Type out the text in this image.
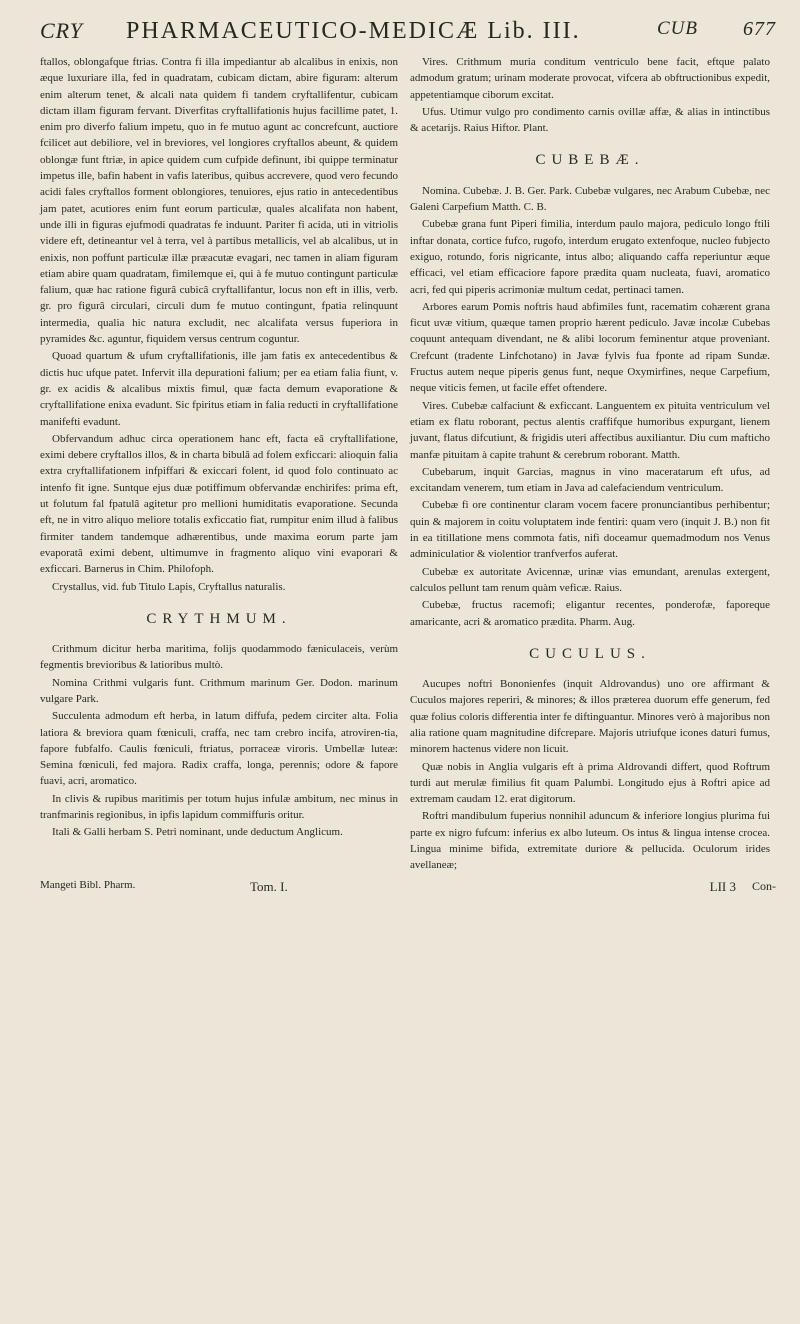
CRY PHARMACEUTICO-MEDICÆ Lib. III.	CUB 677

ftallos, oblongafque ftrias. Contra fi illa impediantur ab alcalibus in enixis, non æque luxuriare illa, fed in quadratam, cubicam dictam, abire figuram: alterum enim alterum tenet, & alcali nata quidem fi tandem cryftallifentur, cubicam dictam illam figuram fervant. Diverfitas cryftallifationis hujus facillime patet, 1. enim pro diverfo falium impetu, quo in fe mutuo agunt ac concrefcunt, auctiore fcilicet aut debiliore, vel in breviores, vel longiores cryftallos abeunt, & quidem oblongæ funt ftriæ, in apice quidem cum cufpide definunt, ibi quippe terminatur impetus ille, bafin habent in vafis lateribus, quibus accrevere, quod vero fecundo acidi fales cryftallos forment oblongiores, tenuiores, ejus ratio in antecedentibus jam patet, acutiores enim funt eorum particulæ, quales alcalifata non habent, unde illi in figuras ejufmodi quadratas fe induunt. Pariter fi acida, uti in vitriolis videre eft, detineantur vel à terra, vel à partibus metallicis, vel ab alcalibus, ut in enixis, non poffunt particulæ illæ præacutæ evagari, nec tamen in aliam figuram etiam abire quam quadratam, fimilemque ei, qui à fe mutuo contingunt particulæ falium, quæ hac ratione figurâ cubicâ cryftallifantur, locus non eft in illis, verb. gr. pro figurâ circulari, circuli dum fe mutuo contingunt, fpatia relinquunt intermedia, qualia hic natura excludit, nec alcalifata versus fuperiora in pyramides &c. aguntur, fiquidem versus centrum coguntur.

Quoad quartum & ufum cryftallifationis, ille jam fatis ex antecedentibus & dictis huc ufque patet. Infervit illa depurationi falium; per ea etiam falia fiunt, v. gr. ex acidis & alcalibus mixtis fimul, quæ facta demum evaporatione & cryftallifatione enixa evadunt. Sic fpiritus etiam in falia reducti in cryftallifatione manifefti evadunt.

Obfervandum adhuc circa operationem hanc eft, facta eâ cryftallifatione, eximi debere cryftallos illos, & in charta bibulâ ad folem exficcari: alioquin falia extra cryftallifationem infpiffari & exiccari folent, id quod folo continuato ac intenfo fit igne. Suntque ejus duæ potiffimum obfervandæ enchirifes: prima eft, ut folutum fal fpatulâ agitetur pro mellioni humiditatis evaporatione. Secunda eft, ne in vitro aliquo meliore totalis exficcatio fiat, rumpitur enim illud à falibus firmiter tandem tandemque adhærentibus, unde maxima eorum parte jam evaporatâ eximi debent, ultimumve in fragmento aliquo vini evaporari & exficcari. Barnerus in Chim. Philofoph.

Crystallus, vid. fub Titulo Lapis, Cryftallus naturalis.

CRYTHMUM.

Crithmum dicitur herba maritima, folijs quodammodo fæniculaceis, verùm fegmentis brevioribus & latioribus multò.

Nomina Crithmi vulgaris funt. Crithmum marinum Ger. Dodon. marinum vulgare Park.

Succulenta admodum eft herba, in latum diffufa, pedem circiter alta. Folia latiora & breviora quam fœniculi, craffa, nec tam crebro incifa, atroviren-tia, fapore fubfalfo. Caulis fœniculi, ftriatus, porraceæ viroris. Umbellæ luteæ: Semina fœniculi, fed majora. Radix craffa, longa, perennis; odore & fapore fuavi, acri, aromatico.

In clivis & rupibus maritimis per totum hujus infulæ ambitum, nec minus in tranfmarinis regionibus, in ipfis lapidum commiffuris oritur.

Itali & Galli herbam S. Petri nominant, unde deductum Anglicum.

Vires. Crithmum muria conditum ventriculo bene facit, eftque palato admodum gratum; urinam moderate provocat, vifcera ab obftructionibus expedit, appetentiamque ciborum excitat.

Ufus. Utimur vulgo pro condimento carnis ovillæ affæ, & alias in intinctibus & acetarijs. Raius Hiftor. Plant.

CUBEBÆ.

Nomina. Cubebæ. J. B. Ger. Park. Cubebæ vulgares, nec Arabum Cubebæ, nec Galeni Carpefium Matth. C. B.

Cubebæ grana funt Piperi fimilia, interdum paulo majora, pediculo longo ftili inftar donata, cortice fufco, rugofo, interdum erugato extenfoque, nucleo fubjecto exiguo, rotundo, foris nigricante, intus albo; aliquando caffa reperiuntur æque efficaci, vel etiam efficaciore fapore prædita quam nucleata, fuavi, aromatico acri, fed qui piperis acrimoniæ multum cedat, pertinaci tamen.

Arbores earum Pomis noftris haud abfimiles funt, racematim cohærent grana ficut uvæ vitium, quæque tamen proprio hærent pediculo. Javæ incolæ Cubebas coquunt antequam divendant, ne & alibi locorum feminentur atque proveniant. Crefcunt (tradente Linfchotano) in Javæ fylvis fua fponte ad ripam Sundæ. Fructus autem neque piperis genus funt, neque Oxymirfines, neque Carpefium, neque viticis femen, ut facile effet oftendere.

Vires. Cubebæ calfaciunt & exficcant. Languentem ex pituita ventriculum vel etiam ex flatu roborant, pectus alentis craffifque humoribus expurgant, lienem juvant, flatus difcutiunt, & frigidis uteri affectibus auxiliantur. Diu cum mafticho manfæ pituitam à capite trahunt & cerebrum roborant. Matth.

Cubebarum, inquit Garcias, magnus in vino maceratarum eft ufus, ad excitandam venerem, tum etiam in Java ad calefaciendum ventriculum.

Cubebæ fi ore continentur claram vocem facere pronunciantibus perhibentur; quin & majorem in coitu voluptatem inde fentiri: quam vero (inquit J. B.) non fit in ea titillatione mens commota fatis, nifi doceamur quemadmodum nos Venus adminiculatior & violentior tranfverfos auferat.

Cubebæ ex autoritate Avicennæ, urinæ vias emundant, arenulas extergent, calculos pellunt tam renum quàm veficæ. Raius.

Cubebæ, fructus racemofi; eligantur recentes, ponderofæ, faporeque amaricante, acri & aromatico prædita. Pharm. Aug.

CUCULUS.

Aucupes noftri Bononienfes (inquit Aldrovandus) uno ore affirmant & Cuculos majores reperiri, & minores; & illos præterea duorum effe generum, fed quæ folius coloris differentia inter fe diftinguantur. Minores verò à majoribus non alia ratione quam magnitudine difcrepare. Majoris utriufque icones daturi fumus, minorem hactenus videre non licuit.

Quæ nobis in Anglia vulgaris eft à prima Aldrovandi differt, quod Roftrum turdi aut merulæ fimilius fit quam Palumbi. Longitudo ejus à Roftri apice ad extremam caudam 12. erat digitorum.

Roftri mandibulum fuperius nonnihil aduncum & inferiore longius plurima fui parte ex nigro fufcum: inferius ex albo luteum. Os intus & lingua intense crocea. Lingua minime bifida, extremitate duriore & pellucida. Oculorum irides avellaneæ;

Mangeti Bibl. Pharm.	Tom. I.	LII 3 Con-
